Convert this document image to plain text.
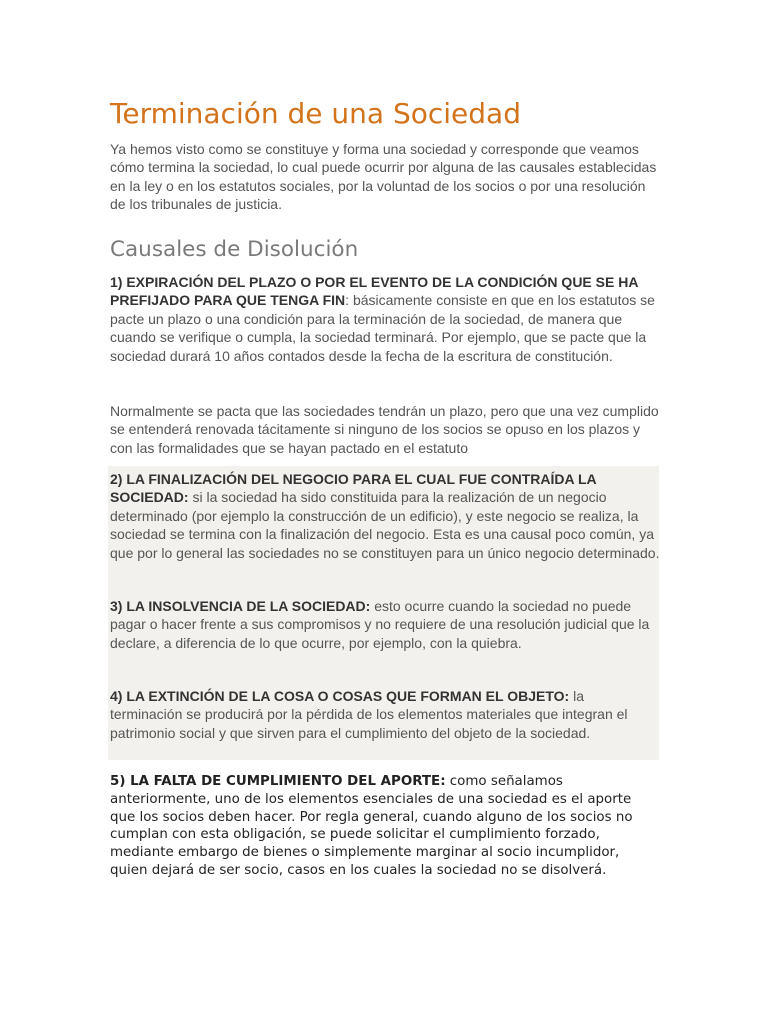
Terminación de una Sociedad

Ya hemos visto como se constituye y forma una sociedad y corresponde que veamos cómo termina la sociedad, lo cual puede ocurrir por alguna de las causales establecidas en la ley o en los estatutos sociales, por la voluntad de los socios o por una resolución de los tribunales de justicia.

Causales de Disolución

1) EXPIRACIÓN DEL PLAZO O POR EL EVENTO DE LA CONDICIÓN QUE SE HA PREFIJADO PARA QUE TENGA FIN: básicamente consiste en que en los estatutos se pacte un plazo o una condición para la terminación de la sociedad, de manera que cuando se verifique o cumpla, la sociedad terminará. Por ejemplo, que se pacte que la sociedad durará 10 años contados desde la fecha de la escritura de constitución.

Normalmente se pacta que las sociedades tendrán un plazo, pero que una vez cumplido se entenderá renovada tácitamente si ninguno de los socios se opuso en los plazos y con las formalidades que se hayan pactado en el estatuto

2) LA FINALIZACIÓN DEL NEGOCIO PARA EL CUAL FUE CONTRAÍDA LA SOCIEDAD: si la sociedad ha sido constituida para la realización de un negocio determinado (por ejemplo la construcción de un edificio), y este negocio se realiza, la sociedad se termina con la finalización del negocio. Esta es una causal poco común, ya que por lo general las sociedades no se constituyen para un único negocio determinado.

3) LA INSOLVENCIA DE LA SOCIEDAD: esto ocurre cuando la sociedad no puede pagar o hacer frente a sus compromisos y no requiere de una resolución judicial que la declare, a diferencia de lo que ocurre, por ejemplo, con la quiebra.

4) LA EXTINCIÓN DE LA COSA O COSAS QUE FORMAN EL OBJETO: la terminación se producirá por la pérdida de los elementos materiales que integran el patrimonio social y que sirven para el cumplimiento del objeto de la sociedad.

5) LA FALTA DE CUMPLIMIENTO DEL APORTE: como señalamos anteriormente, uno de los elementos esenciales de una sociedad es el aporte que los socios deben hacer. Por regla general, cuando alguno de los socios no cumplan con esta obligación, se puede solicitar el cumplimiento forzado, mediante embargo de bienes o simplemente marginar al socio incumplidor, quien dejará de ser socio, casos en los cuales la sociedad no se disolverá.
